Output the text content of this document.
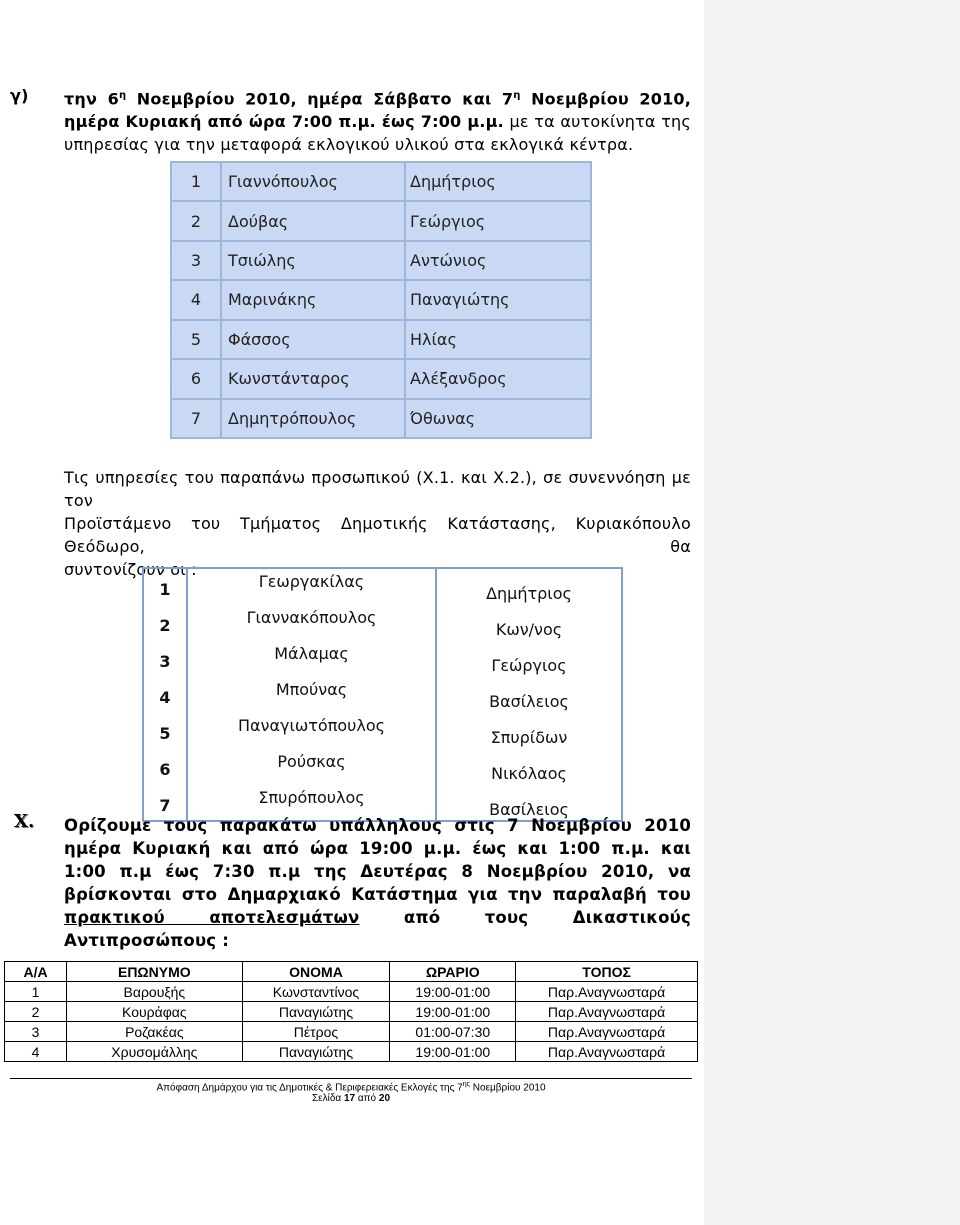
γ) την $6^\eta$ Νοεμβρίου 2010, ημέρα Σάββατο και $7^\eta$ Νοεμβρίου 2010,
ημέρα Κυριακή από ώρα 7:00 π.μ. έως 7:00 μ.μ. με τα αυτοκίνητα της
υπηρεσίας για την μεταφορά εκλογικού υλικού στα εκλογικά κέντρα.
1	Γιαννόπουλος	Δημήτριος
2	Δούβας	Γεώργιος
3	Τσιώλης	Αντώνιος
4	Μαρινάκης	Παναγιώτης
5	Φάσσος	Ηλίας
6	Κωνστάνταρος	Αλέξανδρος
7	Δημητρόπουλος	Όθωνας
Τις υπηρεσίες του παραπάνω προσωπικού (Χ.1. και Χ.2.), σε συνεννόηση με τον
Προϊστάμενο του Τμήματος Δημοτικής Κατάστασης, Κυριακόπουλο Θεόδωρο, θα
συντονίζουν οι :
1	Γεωργακίλας	Δημήτριος
2	Γιαννακόπουλος	Κων/νος
3	Μάλαμας	Γεώργιος
4	Μπούνας	Βασίλειος
5	Παναγιωτόπουλος	Σπυρίδων
6	Ρούσκας	Νικόλαος
7	Σπυρόπουλος	Βασίλειος
Χ. Ορίζουμε τους παρακάτω υπάλληλους στις 7 Νοεμβρίου 2010
ημέρα Κυριακή και από ώρα 19:00 μ.μ. έως και 1:00 π.μ. και
1:00 π.μ έως 7:30 π.μ της Δευτέρας 8 Νοεμβρίου 2010, να
βρίσκονται στο Δημαρχιακό Κατάστημα για την παραλαβή του
πρακτικού αποτελεσμάτων	από τους Δικαστικούς
Αντιπροσώπους :
Α/Α	ΕΠΩΝΥΜΟ	ΟΝΟΜΑ	ΩΡΑΡΙΟ	ΤΟΠΟΣ
1	Βαρουξής	Κωνσταντίνος	19:00-01:00	Παρ.Αναγνωσταρά
2	Κουράφας	Παναγιώτης	19:00-01:00	Παρ.Αναγνωσταρά
3	Ροζακέας	Πέτρος	01:00-07:30	Παρ.Αναγνωσταρά
4	Χρυσομάλλης	Παναγιώτης	19:00-01:00	Παρ.Αναγνωσταρά
Απόφαση Δημάρχου για τις Δημοτικές & Περιφερειακές Εκλογές της $7^{\eta\varsigma}$ Νοεμβρίου 2010
Σελίδα 17 από 20
